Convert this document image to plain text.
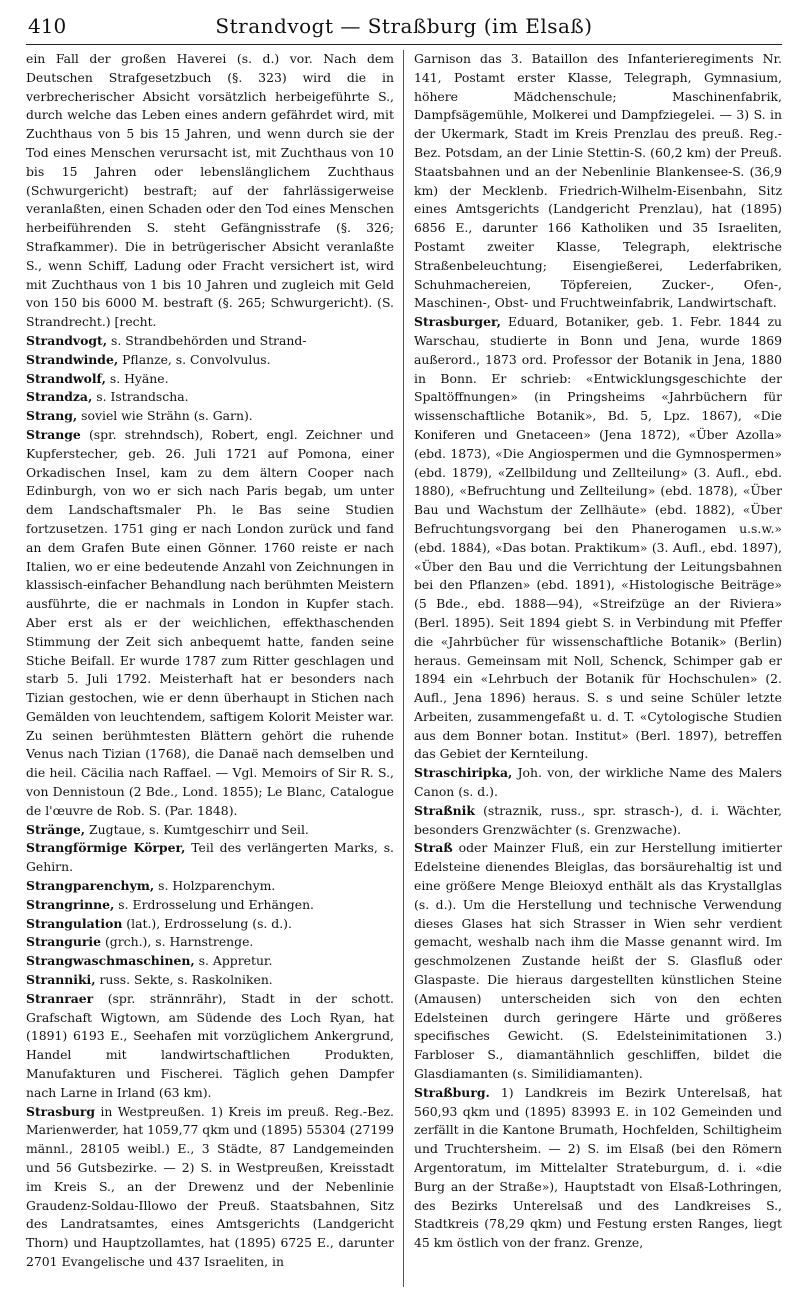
410	Strandvogt — Straßburg (im Elsaß)

ein Fall der großen Haverei (s. d.) vor. Nach dem Deutschen Strafgesetzbuch (§. 323) wird die in verbrecherischer Absicht vorsätzlich herbeigeführte S., durch welche das Leben eines andern gefährdet wird, mit Zuchthaus von 5 bis 15 Jahren, und wenn durch sie der Tod eines Menschen verursacht ist, mit Zuchthaus von 10 bis 15 Jahren oder lebenslänglichem Zuchthaus (Schwurgericht) bestraft; auf der fahrlässigerweise veranlaßten, einen Schaden oder den Tod eines Menschen herbeiführenden S. steht Gefängnisstrafe (§. 326; Strafkammer). Die in betrügerischer Absicht veranlaßte S., wenn Schiff, Ladung oder Fracht versichert ist, wird mit Zuchthaus von 1 bis 10 Jahren und zugleich mit Geld von 150 bis 6000 M. bestraft (§. 265; Schwurgericht). (S. Strandrecht.) [recht.

Strandvogt, s. Strandbehörden und Strand-

Strandwinde, Pflanze, s. Convolvulus.

Strandwolf, s. Hyäne.

Strandza, s. Istrandscha.

Strang, soviel wie Strähn (s. Garn).

Strange (spr. strehndsch), Robert, engl. Zeichner und Kupferstecher, geb. 26. Juli 1721 auf Pomona, einer Orkadischen Insel, kam zu dem ältern Cooper nach Edinburgh, von wo er sich nach Paris begab, um unter dem Landschaftsmaler Ph. le Bas seine Studien fortzusetzen. 1751 ging er nach London zurück und fand an dem Grafen Bute einen Gönner. 1760 reiste er nach Italien, wo er eine bedeutende Anzahl von Zeichnungen in klassisch-einfacher Behandlung nach berühmten Meistern ausführte, die er nachmals in London in Kupfer stach. Aber erst als er der weichlichen, effekthaschenden Stimmung der Zeit sich anbequemt hatte, fanden seine Stiche Beifall. Er wurde 1787 zum Ritter geschlagen und starb 5. Juli 1792. Meisterhaft hat er besonders nach Tizian gestochen, wie er denn überhaupt in Stichen nach Gemälden von leuchtendem, saftigem Kolorit Meister war. Zu seinen berühmtesten Blättern gehört die ruhende Venus nach Tizian (1768), die Danaë nach demselben und die heil. Cäcilia nach Raffael. — Vgl. Memoirs of Sir R. S., von Dennistoun (2 Bde., Lond. 1855); Le Blanc, Catalogue de l'œuvre de Rob. S. (Par. 1848).

Stränge, Zugtaue, s. Kumtgeschirr und Seil.

Strangförmige Körper, Teil des verlängerten Marks, s. Gehirn.

Strangparenchym, s. Holzparenchym.

Strangrinne, s. Erdrosselung und Erhängen.

Strangulation (lat.), Erdrosselung (s. d.).

Strangurie (grch.), s. Harnstrenge.

Strangwaschmaschinen, s. Appretur.

Stranniki, russ. Sekte, s. Raskolniken.

Stranraer (spr. strännrähr), Stadt in der schott. Grafschaft Wigtown, am Südende des Loch Ryan, hat (1891) 6193 E., Seehafen mit vorzüglichem Ankergrund, Handel mit landwirtschaftlichen Produkten, Manufakturen und Fischerei. Täglich gehen Dampfer nach Larne in Irland (63 km).

Strasburg in Westpreußen. 1) Kreis im preuß. Reg.-Bez. Marienwerder, hat 1059,77 qkm und (1895) 55304 (27199 männl., 28105 weibl.) E., 3 Städte, 87 Landgemeinden und 56 Gutsbezirke. — 2) S. in Westpreußen, Kreisstadt im Kreis S., an der Drewenz und der Nebenlinie Graudenz-Soldau-Illowo der Preuß. Staatsbahnen, Sitz des Landratsamtes, eines Amtsgerichts (Landgericht Thorn) und Hauptzollamtes, hat (1895) 6725 E., darunter 2701 Evangelische und 437 Israeliten, in

Garnison das 3. Bataillon des Infanterieregiments Nr. 141, Postamt erster Klasse, Telegraph, Gymnasium, höhere Mädchenschule; Maschinenfabrik, Dampfsägemühle, Molkerei und Dampfziegelei. — 3) S. in der Ukermark, Stadt im Kreis Prenzlau des preuß. Reg.-Bez. Potsdam, an der Linie Stettin-S. (60,2 km) der Preuß. Staatsbahnen und an der Nebenlinie Blankensee-S. (36,9 km) der Mecklenb. Friedrich-Wilhelm-Eisenbahn, Sitz eines Amtsgerichts (Landgericht Prenzlau), hat (1895) 6856 E., darunter 166 Katholiken und 35 Israeliten, Postamt zweiter Klasse, Telegraph, elektrische Straßenbeleuchtung; Eisengießerei, Lederfabriken, Schuhmachereien, Töpfereien, Zucker-, Ofen-, Maschinen-, Obst- und Fruchtweinfabrik, Landwirtschaft.

Strasburger, Eduard, Botaniker, geb. 1. Febr. 1844 zu Warschau, studierte in Bonn und Jena, wurde 1869 außerord., 1873 ord. Professor der Botanik in Jena, 1880 in Bonn. Er schrieb: «Entwicklungsgeschichte der Spaltöffnungen» (in Pringsheims «Jahrbüchern für wissenschaftliche Botanik», Bd. 5, Lpz. 1867), «Die Koniferen und Gnetaceen» (Jena 1872), «Über Azolla» (ebd. 1873), «Die Angiospermen und die Gymnospermen» (ebd. 1879), «Zellbildung und Zellteilung» (3. Aufl., ebd. 1880), «Befruchtung und Zellteilung» (ebd. 1878), «Über Bau und Wachstum der Zellhäute» (ebd. 1882), «Über Befruchtungsvorgang bei den Phanerogamen u.s.w.» (ebd. 1884), «Das botan. Praktikum» (3. Aufl., ebd. 1897), «Über den Bau und die Verrichtung der Leitungsbahnen bei den Pflanzen» (ebd. 1891), «Histologische Beiträge» (5 Bde., ebd. 1888—94), «Streifzüge an der Riviera» (Berl. 1895). Seit 1894 giebt S. in Verbindung mit Pfeffer die «Jahrbücher für wissenschaftliche Botanik» (Berlin) heraus. Gemeinsam mit Noll, Schenck, Schimper gab er 1894 ein «Lehrbuch der Botanik für Hochschulen» (2. Aufl., Jena 1896) heraus. S. s und seine Schüler letzte Arbeiten, zusammengefaßt u. d. T. «Cytologische Studien aus dem Bonner botan. Institut» (Berl. 1897), betreffen das Gebiet der Kernteilung.

Straschiripka, Joh. von, der wirkliche Name des Malers Canon (s. d.).

Straßnik (straznik, russ., spr. strasch-), d. i. Wächter, besonders Grenzwächter (s. Grenzwache).

Straß oder Mainzer Fluß, ein zur Herstellung imitierter Edelsteine dienendes Bleiglas, das borsäurehaltig ist und eine größere Menge Bleioxyd enthält als das Krystallglas (s. d.). Um die Herstellung und technische Verwendung dieses Glases hat sich Strasser in Wien sehr verdient gemacht, weshalb nach ihm die Masse genannt wird. Im geschmolzenen Zustande heißt der S. Glasfluß oder Glaspaste. Die hieraus dargestellten künstlichen Steine (Amausen) unterscheiden sich von den echten Edelsteinen durch geringere Härte und größeres specifisches Gewicht. (S. Edelsteinimitationen 3.) Farbloser S., diamantähnlich geschliffen, bildet die Glasdiamanten (s. Similidiamanten).

Straßburg. 1) Landkreis im Bezirk Unterelsaß, hat 560,93 qkm und (1895) 83993 E. in 102 Gemeinden und zerfällt in die Kantone Brumath, Hochfelden, Schiltigheim und Truchtersheim. — 2) S. im Elsaß (bei den Römern Argentoratum, im Mittelalter Strateburgum, d. i. «die Burg an der Straße»), Hauptstadt von Elsaß-Lothringen, des Bezirks Unterelsaß und des Landkreises S., Stadtkreis (78,29 qkm) und Festung ersten Ranges, liegt 45 km östlich von der franz. Grenze,
